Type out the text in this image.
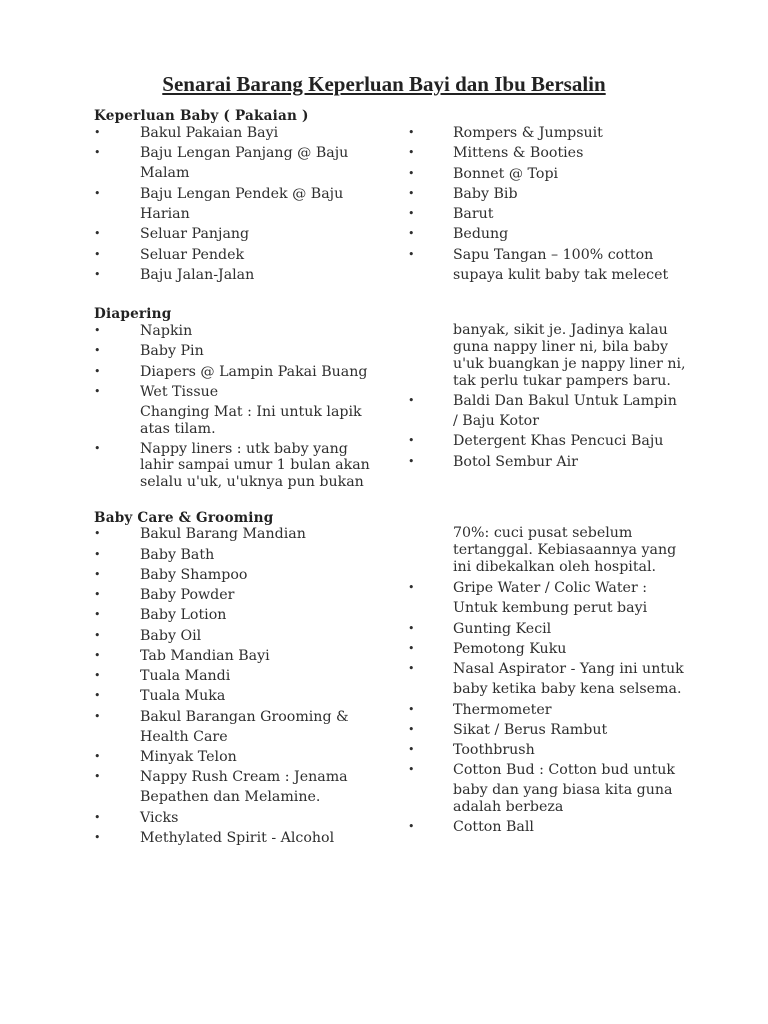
Senarai Barang Keperluan Bayi dan Ibu Bersalin
Keperluan Baby ( Pakaian )
•	Bakul Pakaian Bayi
•	Baju Lengan Panjang @ Baju
Malam
•	Baju Lengan Pendek @ Baju
Harian
•	Seluar Panjang
•	Seluar Pendek
•	Baju Jalan-Jalan
•	Rompers & Jumpsuit
•	Mittens & Booties
•	Bonnet @ Topi
•	Baby Bib
•	Barut
•	Bedung
•	Sapu Tangan – 100% cotton
supaya kulit baby tak melecet
Diapering
•	Napkin
•	Baby Pin
•	Diapers @ Lampin Pakai Buang
•	Wet Tissue
Changing Mat : Ini untuk lapik
atas tilam.
•	Nappy liners : utk baby yang
lahir sampai umur 1 bulan akan
selalu u'uk, u'uknya pun bukan
banyak, sikit je. Jadinya kalau
guna nappy liner ni, bila baby
u'uk buangkan je nappy liner ni,
tak perlu tukar pampers baru.
•	Baldi Dan Bakul Untuk Lampin
/ Baju Kotor
•	Detergent Khas Pencuci Baju
•	Botol Sembur Air
Baby Care & Grooming
•	Bakul Barang Mandian
•	Baby Bath
•	Baby Shampoo
•	Baby Powder
•	Baby Lotion
•	Baby Oil
•	Tab Mandian Bayi
•	Tuala Mandi
•	Tuala Muka
•	Bakul Barangan Grooming &
Health Care
•	Minyak Telon
•	Nappy Rush Cream : Jenama
Bepathen dan Melamine.
•	Vicks
•	Methylated Spirit - Alcohol
70%: cuci pusat sebelum
tertanggal. Kebiasaannya yang
ini dibekalkan oleh hospital.
•	Gripe Water / Colic Water :
Untuk kembung perut bayi
•	Gunting Kecil
•	Pemotong Kuku
•	Nasal Aspirator - Yang ini untuk
baby ketika baby kena selsema.
•	Thermometer
•	Sikat / Berus Rambut
•	Toothbrush
•	Cotton Bud : Cotton bud untuk
baby dan yang biasa kita guna
adalah berbeza
•	Cotton Ball
